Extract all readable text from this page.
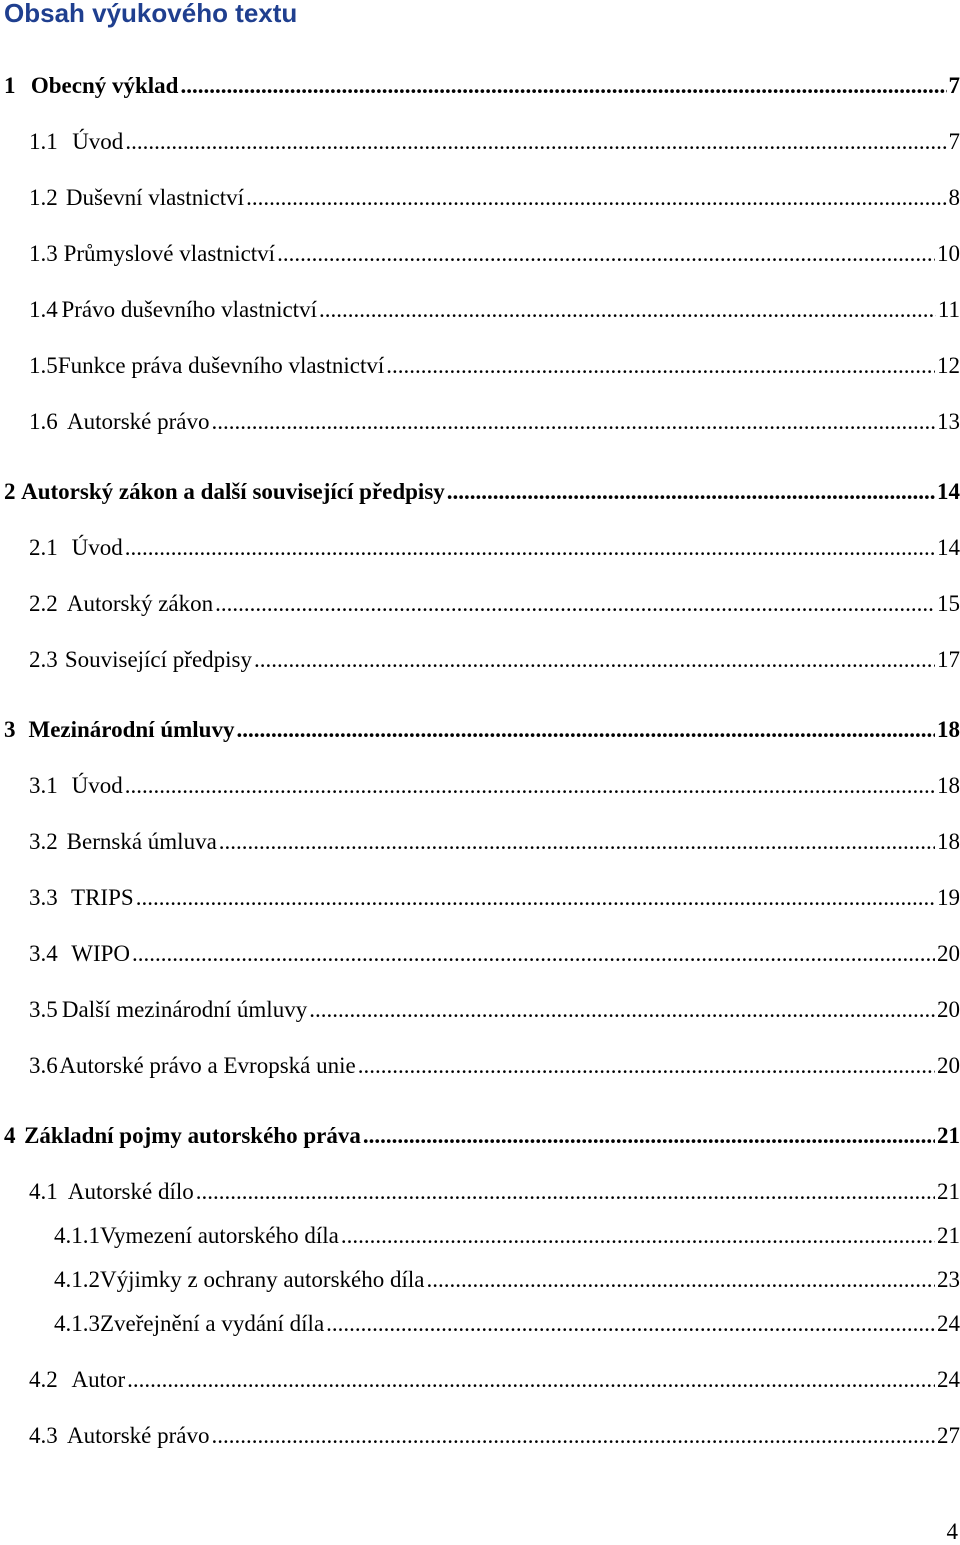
Obsah výukového textu
1 Obecný výklad .....	7
1.1 Úvod .....	7
1.2 Duševní vlastnictví .....	8
1.3 Průmyslové vlastnictví .....	10
1.4 Právo duševního vlastnictví .....	11
1.5 Funkce práva duševního vlastnictví .....	12
1.6 Autorské právo .....	13
2 Autorský zákon a další související předpisy .....	14
2.1 Úvod .....	14
2.2 Autorský zákon .....	15
2.3 Související předpisy .....	17
3 Mezinárodní úmluvy .....	18
3.1 Úvod .....	18
3.2 Bernská úmluva .....	18
3.3 TRIPS .....	19
3.4 WIPO .....	20
3.5 Další mezinárodní úmluvy .....	20
3.6 Autorské právo a Evropská unie .....	20
4 Základní pojmy autorského práva .....	21
4.1 Autorské dílo .....	21
4.1.1 Vymezení autorského díla .....	21
4.1.2 Výjimky z ochrany autorského díla .....	23
4.1.3 Zveřejnění a vydání díla .....	24
4.2 Autor .....	24
4.3 Autorské právo .....	27
4
